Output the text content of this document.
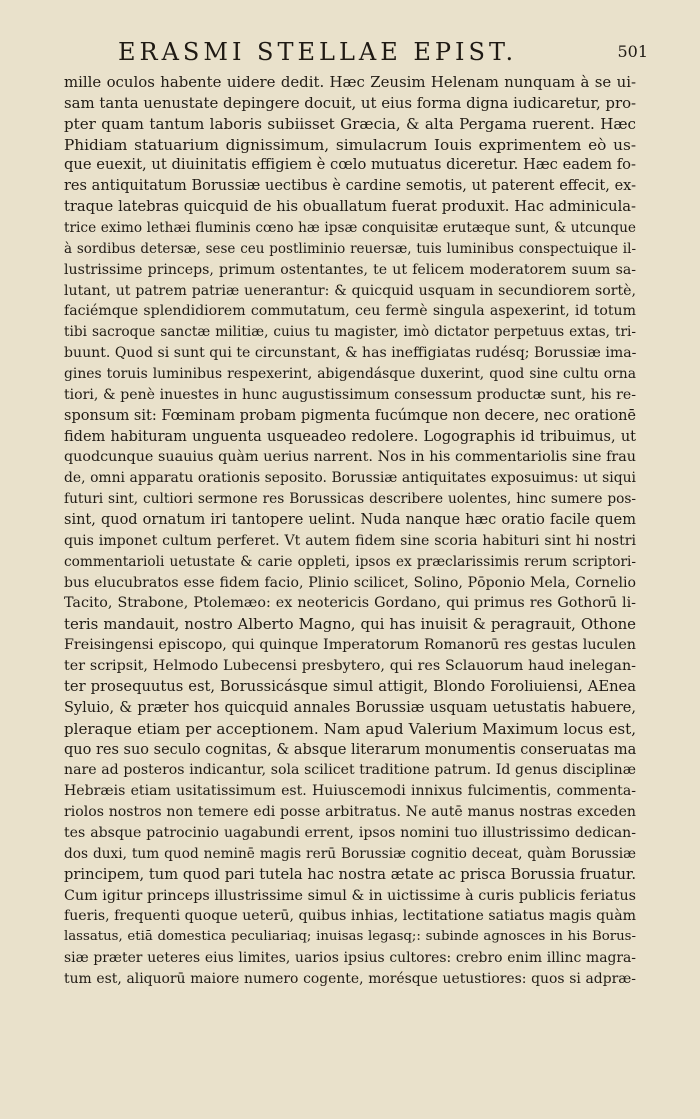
ERASMI STELLAE EPIST.	501
mille oculos habente uidere dedit. Hæc Zeusim Helenam nunquam à se ui-
sam tanta uenustate depingere docuit, ut eius forma digna iudicaretur, pro-
pter quam tantum laboris subiisset Græcia, & alta Pergama ruerent. Hæc
Phidiam statuarium dignissimum, simulacrum Iouis exprimentem eò us-
que euexit, ut diuinitatis effigiem è cœlo mutuatus diceretur. Hæc eadem fo-
res antiquitatum Borussiæ uectibus è cardine semotis, ut paterent effecit, ex-
traque latebras quicquid de his obuallatum fuerat produxit. Hac adminicula-
trice eximo lethæi fluminis cœno hæ ipsæ conquisitæ erutæque sunt, & utcunque
à sordibus detersæ, sese ceu postliminio reuersæ, tuis luminibus conspectuique il-
lustrissime princeps, primum ostentantes, te ut felicem moderatorem suum sa-
lutant, ut patrem patriæ uenerantur: & quicquid usquam in secundiorem sortè,
faciémque splendidiorem commutatum, ceu fermè singula aspexerint, id totum
tibi sacroque sanctæ militiæ, cuius tu magister, imò dictator perpetuus extas, tri-
buunt. Quod si sunt qui te circunstant, & has ineffigiatas rudésq; Borussiæ ima-
gines toruis luminibus respexerint, abigendásque duxerint, quod sine cultu orna
tiori, & penè inuestes in hunc augustissimum consessum productæ sunt, his re-
sponsum sit: Fœminam probam pigmenta fucúmque non decere, nec orationē
fidem habituram unguenta usqueadeo redolere. Logographis id tribuimus, ut
quodcunque suauius quàm uerius narrent. Nos in his commentariolis sine frau
de, omni apparatu orationis seposito. Borussiæ antiquitates exposuimus: ut siqui
futuri sint, cultiori sermone res Borussicas describere uolentes, hinc sumere pos-
sint, quod ornatum iri tantopere uelint. Nuda nanque hæc oratio facile quem
quis imponet cultum perferet. Vt autem fidem sine scoria habituri sint hi nostri
commentarioli uetustate & carie oppleti, ipsos ex præclarissimis rerum scriptori-
bus elucubratos esse fidem facio, Plinio scilicet, Solino, Pōponio Mela, Cornelio
Tacito, Strabone, Ptolemæo: ex neotericis Gordano, qui primus res Gothorū li-
teris mandauit, nostro Alberto Magno, qui has inuisit & peragrauit, Othone
Freisingensi episcopo, qui quinque Imperatorum Romanorū res gestas luculen
ter scripsit, Helmodo Lubecensi presbytero, qui res Sclauorum haud inelegan-
ter prosequutus est, Borussicásque simul attigit, Blondo Foroliuiensi, AEnea
Syluio, & præter hos quicquid annales Borussiæ usquam uetustatis habuere,
pleraque etiam per acceptionem. Nam apud Valerium Maximum locus est,
quo res suo seculo cognitas, & absque literarum monumentis conseruatas ma
nare ad posteros indicantur, sola scilicet traditione patrum. Id genus disciplinæ
Hebræis etiam usitatissimum est. Huiuscemodi innixus fulcimentis, commenta-
riolos nostros non temere edi posse arbitratus. Ne autē manus nostras exceden
tes absque patrocinio uagabundi errent, ipsos nomini tuo illustrissimo dedican-
dos duxi, tum quod neminē magis rerū Borussiæ cognitio deceat, quàm Borussiæ
principem, tum quod pari tutela hac nostra ætate ac prisca Borussia fruatur.
Cum igitur princeps illustrissime simul & in uictissime à curis publicis feriatus
fueris, frequenti quoque ueterū, quibus inhias, lectitatione satiatus magis quàm
lassatus, etiā domestica peculiariaq; inuisas legasq;: subinde agnosces in his Borus-
siæ præter ueteres eius limites, uarios ipsius cultores: crebro enim illinc magra-
tum est, aliquorū maiore numero cogente, morésque uetustiores: quos si adpræ-
